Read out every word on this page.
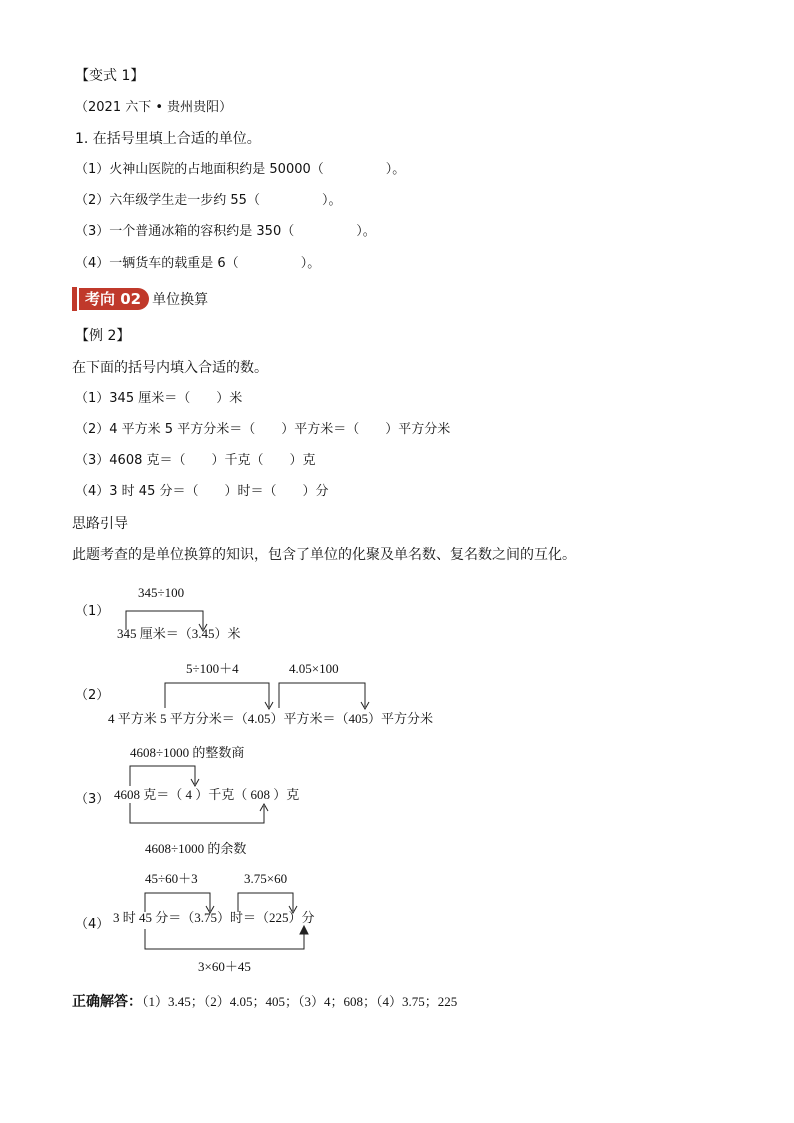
【变式 1】
（2021 六下 • 贵州贵阳）
1. 在括号里填上合适的单位。
（1）火神山医院的占地面积约是 50000（	）。
（2）六年级学生走一步约 55（	）。
（3）一个普通冰箱的容积约是 350（	）。
（4）一辆货车的载重是 6（	）。
考向 02 单位换算
【例 2】
在下面的括号内填入合适的数。
（1）345 厘米＝（　　）米
（2）4 平方米 5 平方分米＝（　　）平方米＝（　　）平方分米
（3）4608 克＝（　　）千克（　　）克
（4）3 时 45 分＝（　　）时＝（　　）分
思路引导
此题考查的是单位换算的知识，包含了单位的化聚及单名数、复名数之间的互化。
（1）
345÷100
345 厘米＝（3.45）米
（2）
5÷100＋4	4.05×100
4 平方米 5 平方分米＝（4.05）平方米＝（405）平方分米
（3）
4608÷1000 的整数商
4608 克＝（ 4 ）千克（ 608 ）克
4608÷1000 的余数
（4）
45÷60＋3	3.75×60
3 时 45 分＝（3.75）时＝（225）分
3×60＋45
正确解答：（1）3.45；（2）4.05；405；（3）4；608；（4）3.75；225
